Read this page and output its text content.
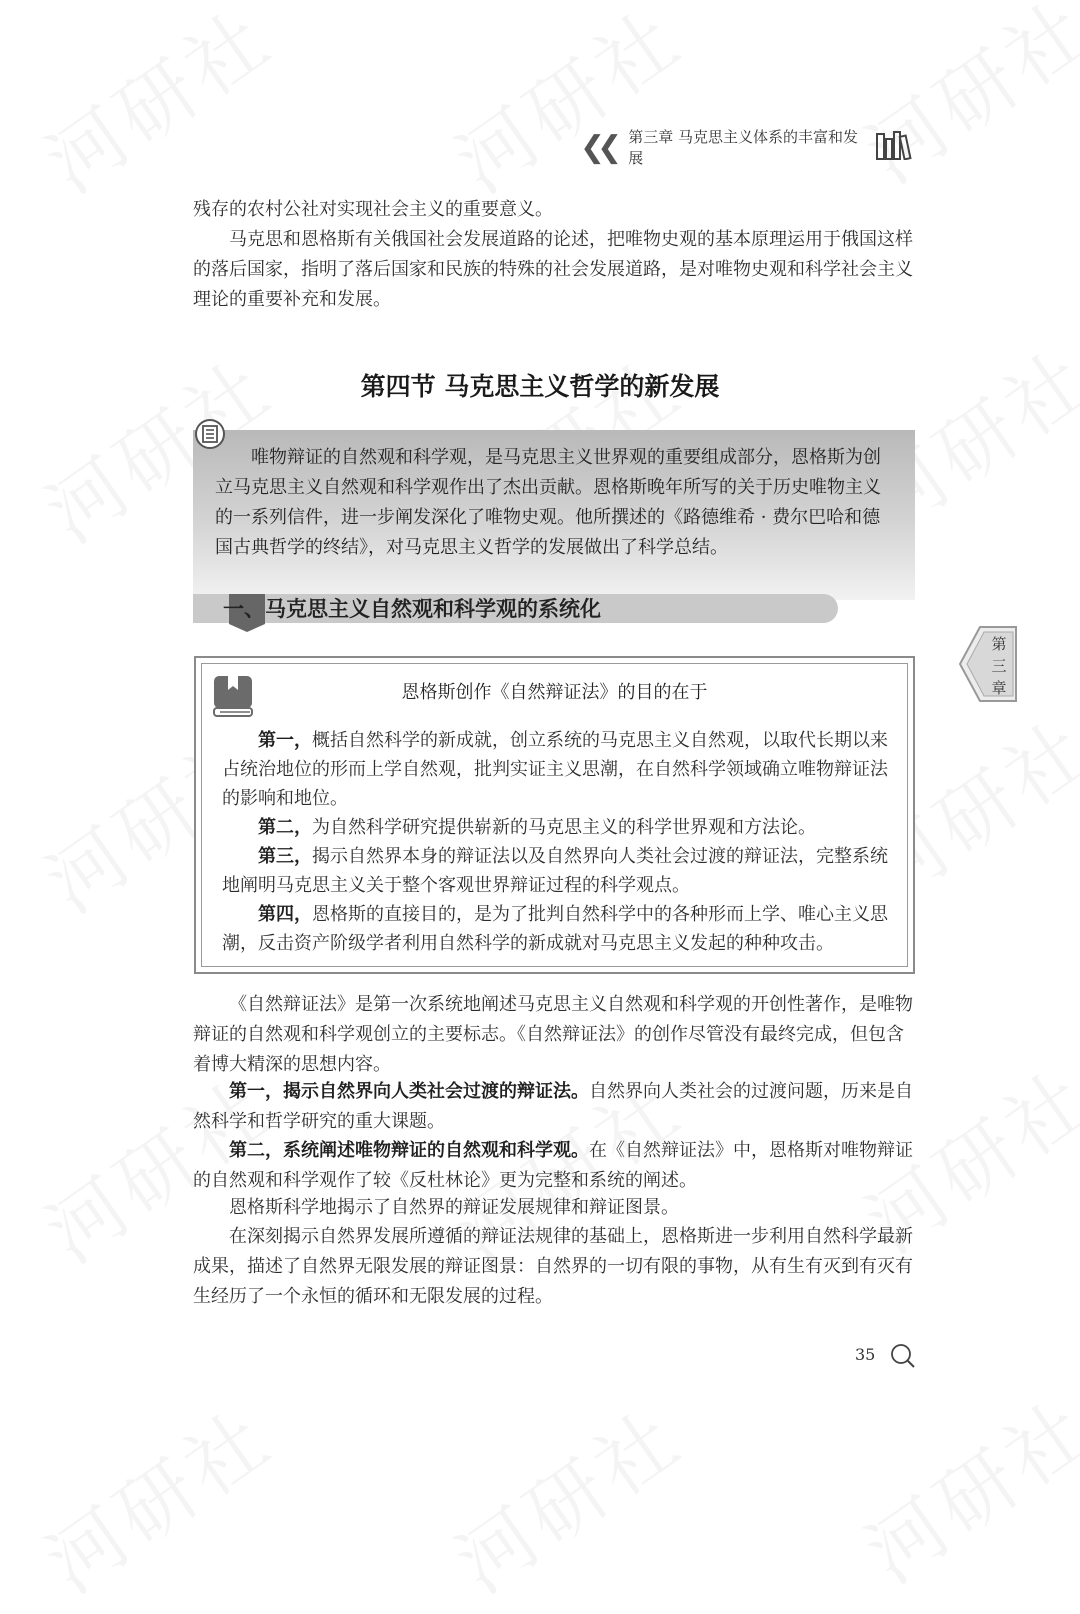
❮❮ 第三章 马克思主义体系的丰富和发展

残存的农村公社对实现社会主义的重要意义。

马克思和恩格斯有关俄国社会发展道路的论述，把唯物史观的基本原理运用于俄国这样的落后国家，指明了落后国家和民族的特殊的社会发展道路，是对唯物史观和科学社会主义理论的重要补充和发展。

第四节 马克思主义哲学的新发展

唯物辩证的自然观和科学观，是马克思主义世界观的重要组成部分，恩格斯为创立马克思主义自然观和科学观作出了杰出贡献。恩格斯晚年所写的关于历史唯物主义的一系列信件，进一步阐发深化了唯物史观。他所撰述的《路德维希 · 费尔巴哈和德国古典哲学的终结》，对马克思主义哲学的发展做出了科学总结。

一、马克思主义自然观和科学观的系统化
第
三
章
恩格斯创作《自然辩证法》的目的在于

第一，概括自然科学的新成就，创立系统的马克思主义自然观，以取代长期以来占统治地位的形而上学自然观，批判实证主义思潮，在自然科学领域确立唯物辩证法的影响和地位。

第二，为自然科学研究提供崭新的马克思主义的科学世界观和方法论。

第三，揭示自然界本身的辩证法以及自然界向人类社会过渡的辩证法，完整系统地阐明马克思主义关于整个客观世界辩证过程的科学观点。

第四，恩格斯的直接目的，是为了批判自然科学中的各种形而上学、唯心主义思潮，反击资产阶级学者利用自然科学的新成就对马克思主义发起的种种攻击。

《自然辩证法》是第一次系统地阐述马克思主义自然观和科学观的开创性著作，是唯物辩证的自然观和科学观创立的主要标志。《自然辩证法》的创作尽管没有最终完成，但包含着博大精深的思想内容。

第一，揭示自然界向人类社会过渡的辩证法。自然界向人类社会的过渡问题，历来是自然科学和哲学研究的重大课题。

第二，系统阐述唯物辩证的自然观和科学观。在《自然辩证法》中，恩格斯对唯物辩证的自然观和科学观作了较《反杜林论》更为完整和系统的阐述。

恩格斯科学地揭示了自然界的辩证发展规律和辩证图景。

在深刻揭示自然界发展所遵循的辩证法规律的基础上，恩格斯进一步利用自然科学最新成果，描述了自然界无限发展的辩证图景：自然界的一切有限的事物，从有生有灭到有灭有生经历了一个永恒的循环和无限发展的过程。

35
